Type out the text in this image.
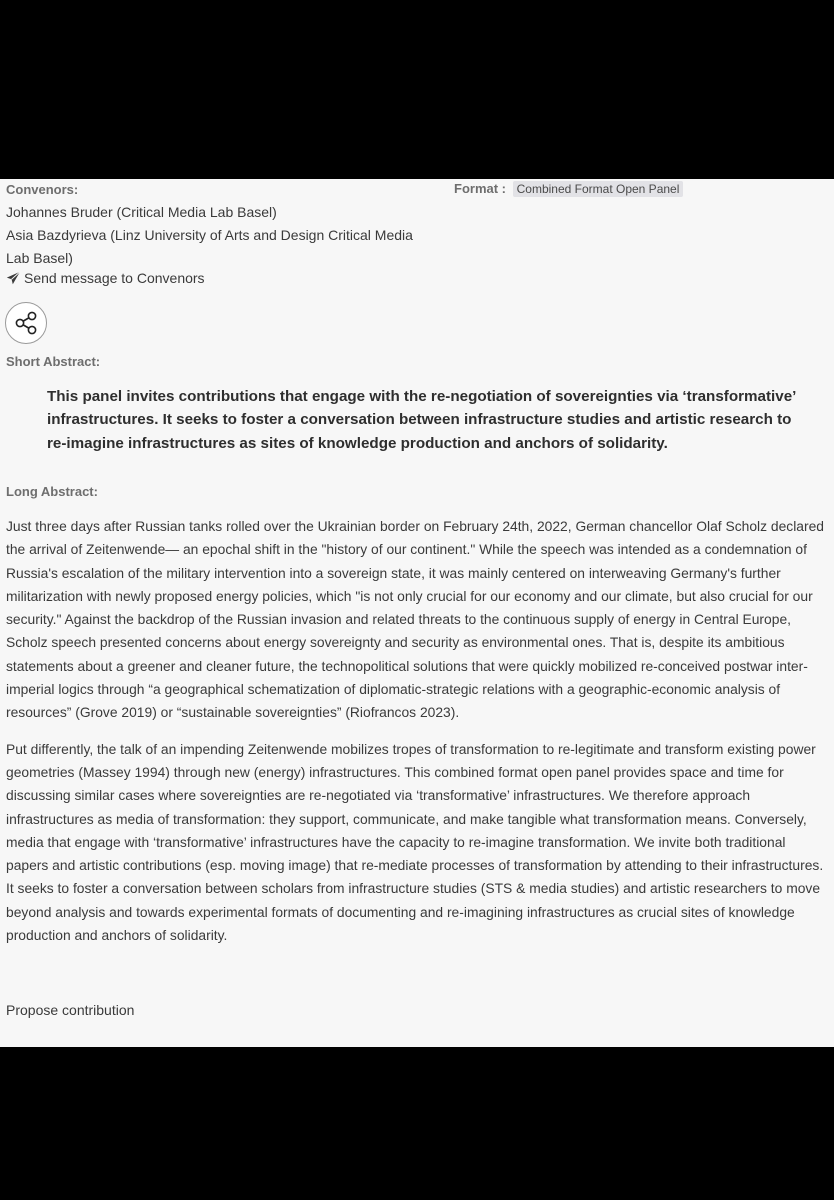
Convenors:	Format : Combined Format Open Panel
Johannes Bruder (Critical Media Lab Basel)
Asia Bazdyrieva (Linz University of Arts and Design Critical Media
Lab Basel)
Send message to Convenors
Short Abstract:
This panel invites contributions that engage with the re-negotiation of sovereignties via ‘transformative’ infrastructures. It seeks to foster a conversation between infrastructure studies and artistic research to re-imagine infrastructures as sites of knowledge production and anchors of solidarity.
Long Abstract:

Just three days after Russian tanks rolled over the Ukrainian border on February 24th, 2022, German chancellor Olaf Scholz declared the arrival of Zeitenwende— an epochal shift in the "history of our continent." While the speech was intended as a condemnation of Russia's escalation of the military intervention into a sovereign state, it was mainly centered on interweaving Germany's further militarization with newly proposed energy policies, which "is not only crucial for our economy and our climate, but also crucial for our security." Against the backdrop of the Russian invasion and related threats to the continuous supply of energy in Central Europe, Scholz speech presented concerns about energy sovereignty and security as environmental ones. That is, despite its ambitious statements about a greener and cleaner future, the technopolitical solutions that were quickly mobilized re-conceived postwar inter-imperial logics through “a geographical schematization of diplomatic-strategic relations with a geographic-economic analysis of resources” (Grove 2019) or “sustainable sovereignties” (Riofrancos 2023).

Put differently, the talk of an impending Zeitenwende mobilizes tropes of transformation to re-legitimate and transform existing power geometries (Massey 1994) through new (energy) infrastructures. This combined format open panel provides space and time for discussing similar cases where sovereignties are re-negotiated via ‘transformative’ infrastructures. We therefore approach infrastructures as media of transformation: they support, communicate, and make tangible what transformation means. Conversely, media that engage with ‘transformative’ infrastructures have the capacity to re-imagine transformation. We invite both traditional papers and artistic contributions (esp. moving image) that re-mediate processes of transformation by attending to their infrastructures. It seeks to foster a conversation between scholars from infrastructure studies (STS & media studies) and artistic researchers to move beyond analysis and towards experimental formats of documenting and re-imagining infrastructures as crucial sites of knowledge production and anchors of solidarity.

Propose contribution
